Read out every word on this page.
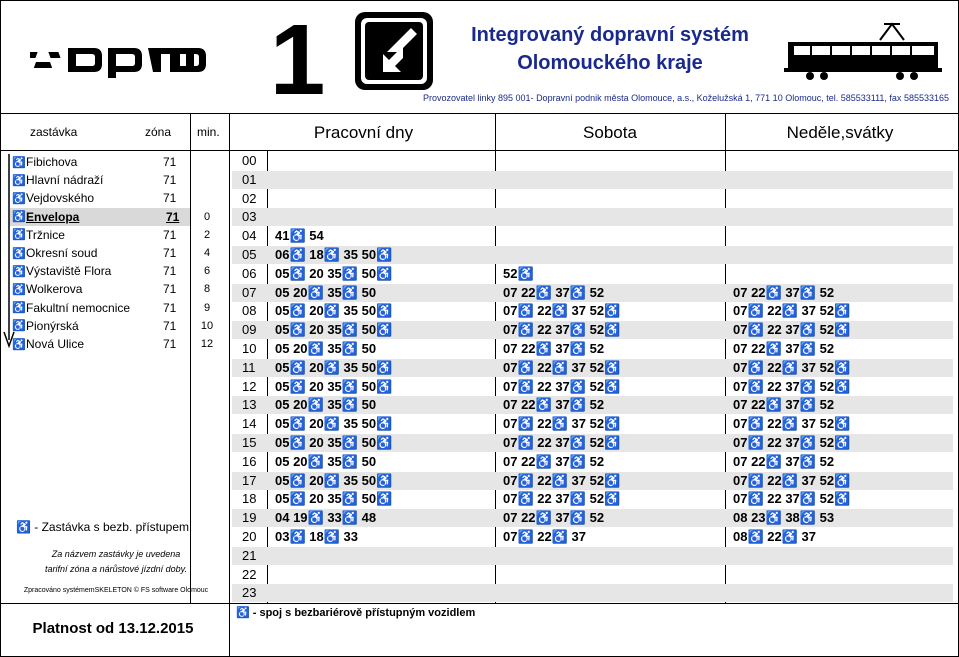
1	Integrovaný dopravní systém
Olomouckého kraje
Provozovatel linky 895 001- Dopravní podnik města Olomouce, a.s., Koželužská 1, 771 10 Olomouc, tel. 585533111, fax 585533165
zastávka	zóna min.	Pracovní dny	Sobota	Neděle,svátky
♿ Fibichova	71
♿ Hlavní nádraží	71
♿ Vejdovského	71
♿ Envelopa	71	0
♿ Tržnice	71	2
♿ Okresní soud	71	4
♿ Výstaviště Flora	71	6
♿ Wolkerova	71	8
♿ Fakultní nemocnice	71	9
♿ Pionýrská	71	10
♿ Nová Ulice	71	12
♿ - Zastávka s bezb. přístupem
Za názvem zastávky je uvedena
tarifní zóna a nárůstové jízdní doby.
Zpracováno systémemSKELETON © FS software Olomouc
Platnost od 13.12.2015
00
01
02
03
04	41♿ 54
05	06♿ 18♿ 35 50♿
06	05♿ 20 35♿ 50♿	52♿
07	05 20♿ 35♿ 50	07 22♿ 37♿ 52	07 22♿ 37♿ 52
08	05♿ 20♿ 35 50♿	07♿ 22♿ 37 52♿	07♿ 22♿ 37 52♿
09	05♿ 20 35♿ 50♿	07♿ 22 37♿ 52♿	07♿ 22 37♿ 52♿
10	05 20♿ 35♿ 50	07 22♿ 37♿ 52	07 22♿ 37♿ 52
11	05♿ 20♿ 35 50♿	07♿ 22♿ 37 52♿	07♿ 22♿ 37 52♿
12	05♿ 20 35♿ 50♿	07♿ 22 37♿ 52♿	07♿ 22 37♿ 52♿
13	05 20♿ 35♿ 50	07 22♿ 37♿ 52	07 22♿ 37♿ 52
14	05♿ 20♿ 35 50♿	07♿ 22♿ 37 52♿	07♿ 22♿ 37 52♿
15	05♿ 20 35♿ 50♿	07♿ 22 37♿ 52♿	07♿ 22 37♿ 52♿
16	05 20♿ 35♿ 50	07 22♿ 37♿ 52	07 22♿ 37♿ 52
17	05♿ 20♿ 35 50♿	07♿ 22♿ 37 52♿	07♿ 22♿ 37 52♿
18	05♿ 20 35♿ 50♿	07♿ 22 37♿ 52♿	07♿ 22 37♿ 52♿
19	04 19♿ 33♿ 48	07 22♿ 37♿ 52	08 23♿ 38♿ 53
20	03♿ 18♿ 33	07♿ 22♿ 37	08♿ 22♿ 37
21
22
23
♿ - spoj s bezbariérově přístupným vozidlem
